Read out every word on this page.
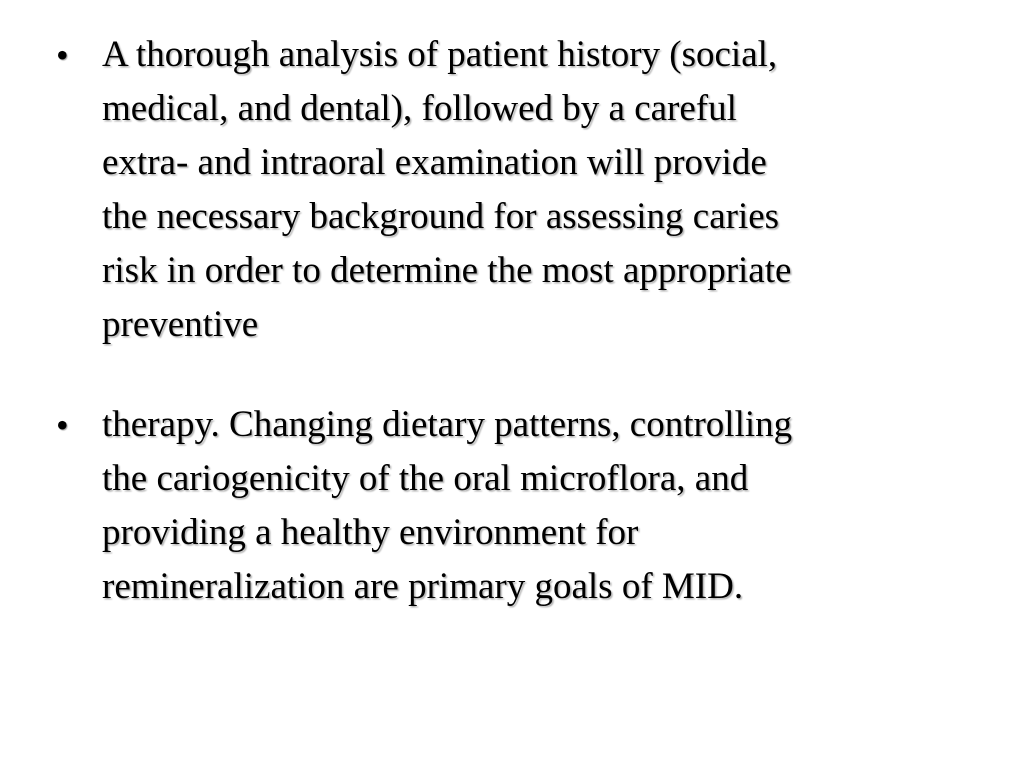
• A thorough analysis of patient history (social,
medical, and dental), followed by a careful
extra- and intraoral examination will provide
the necessary background for assessing caries
risk in order to determine the most appropriate
preventive
• therapy. Changing dietary patterns, controlling
the cariogenicity of the oral microflora, and
providing a healthy environment for
remineralization are primary goals of MID.
